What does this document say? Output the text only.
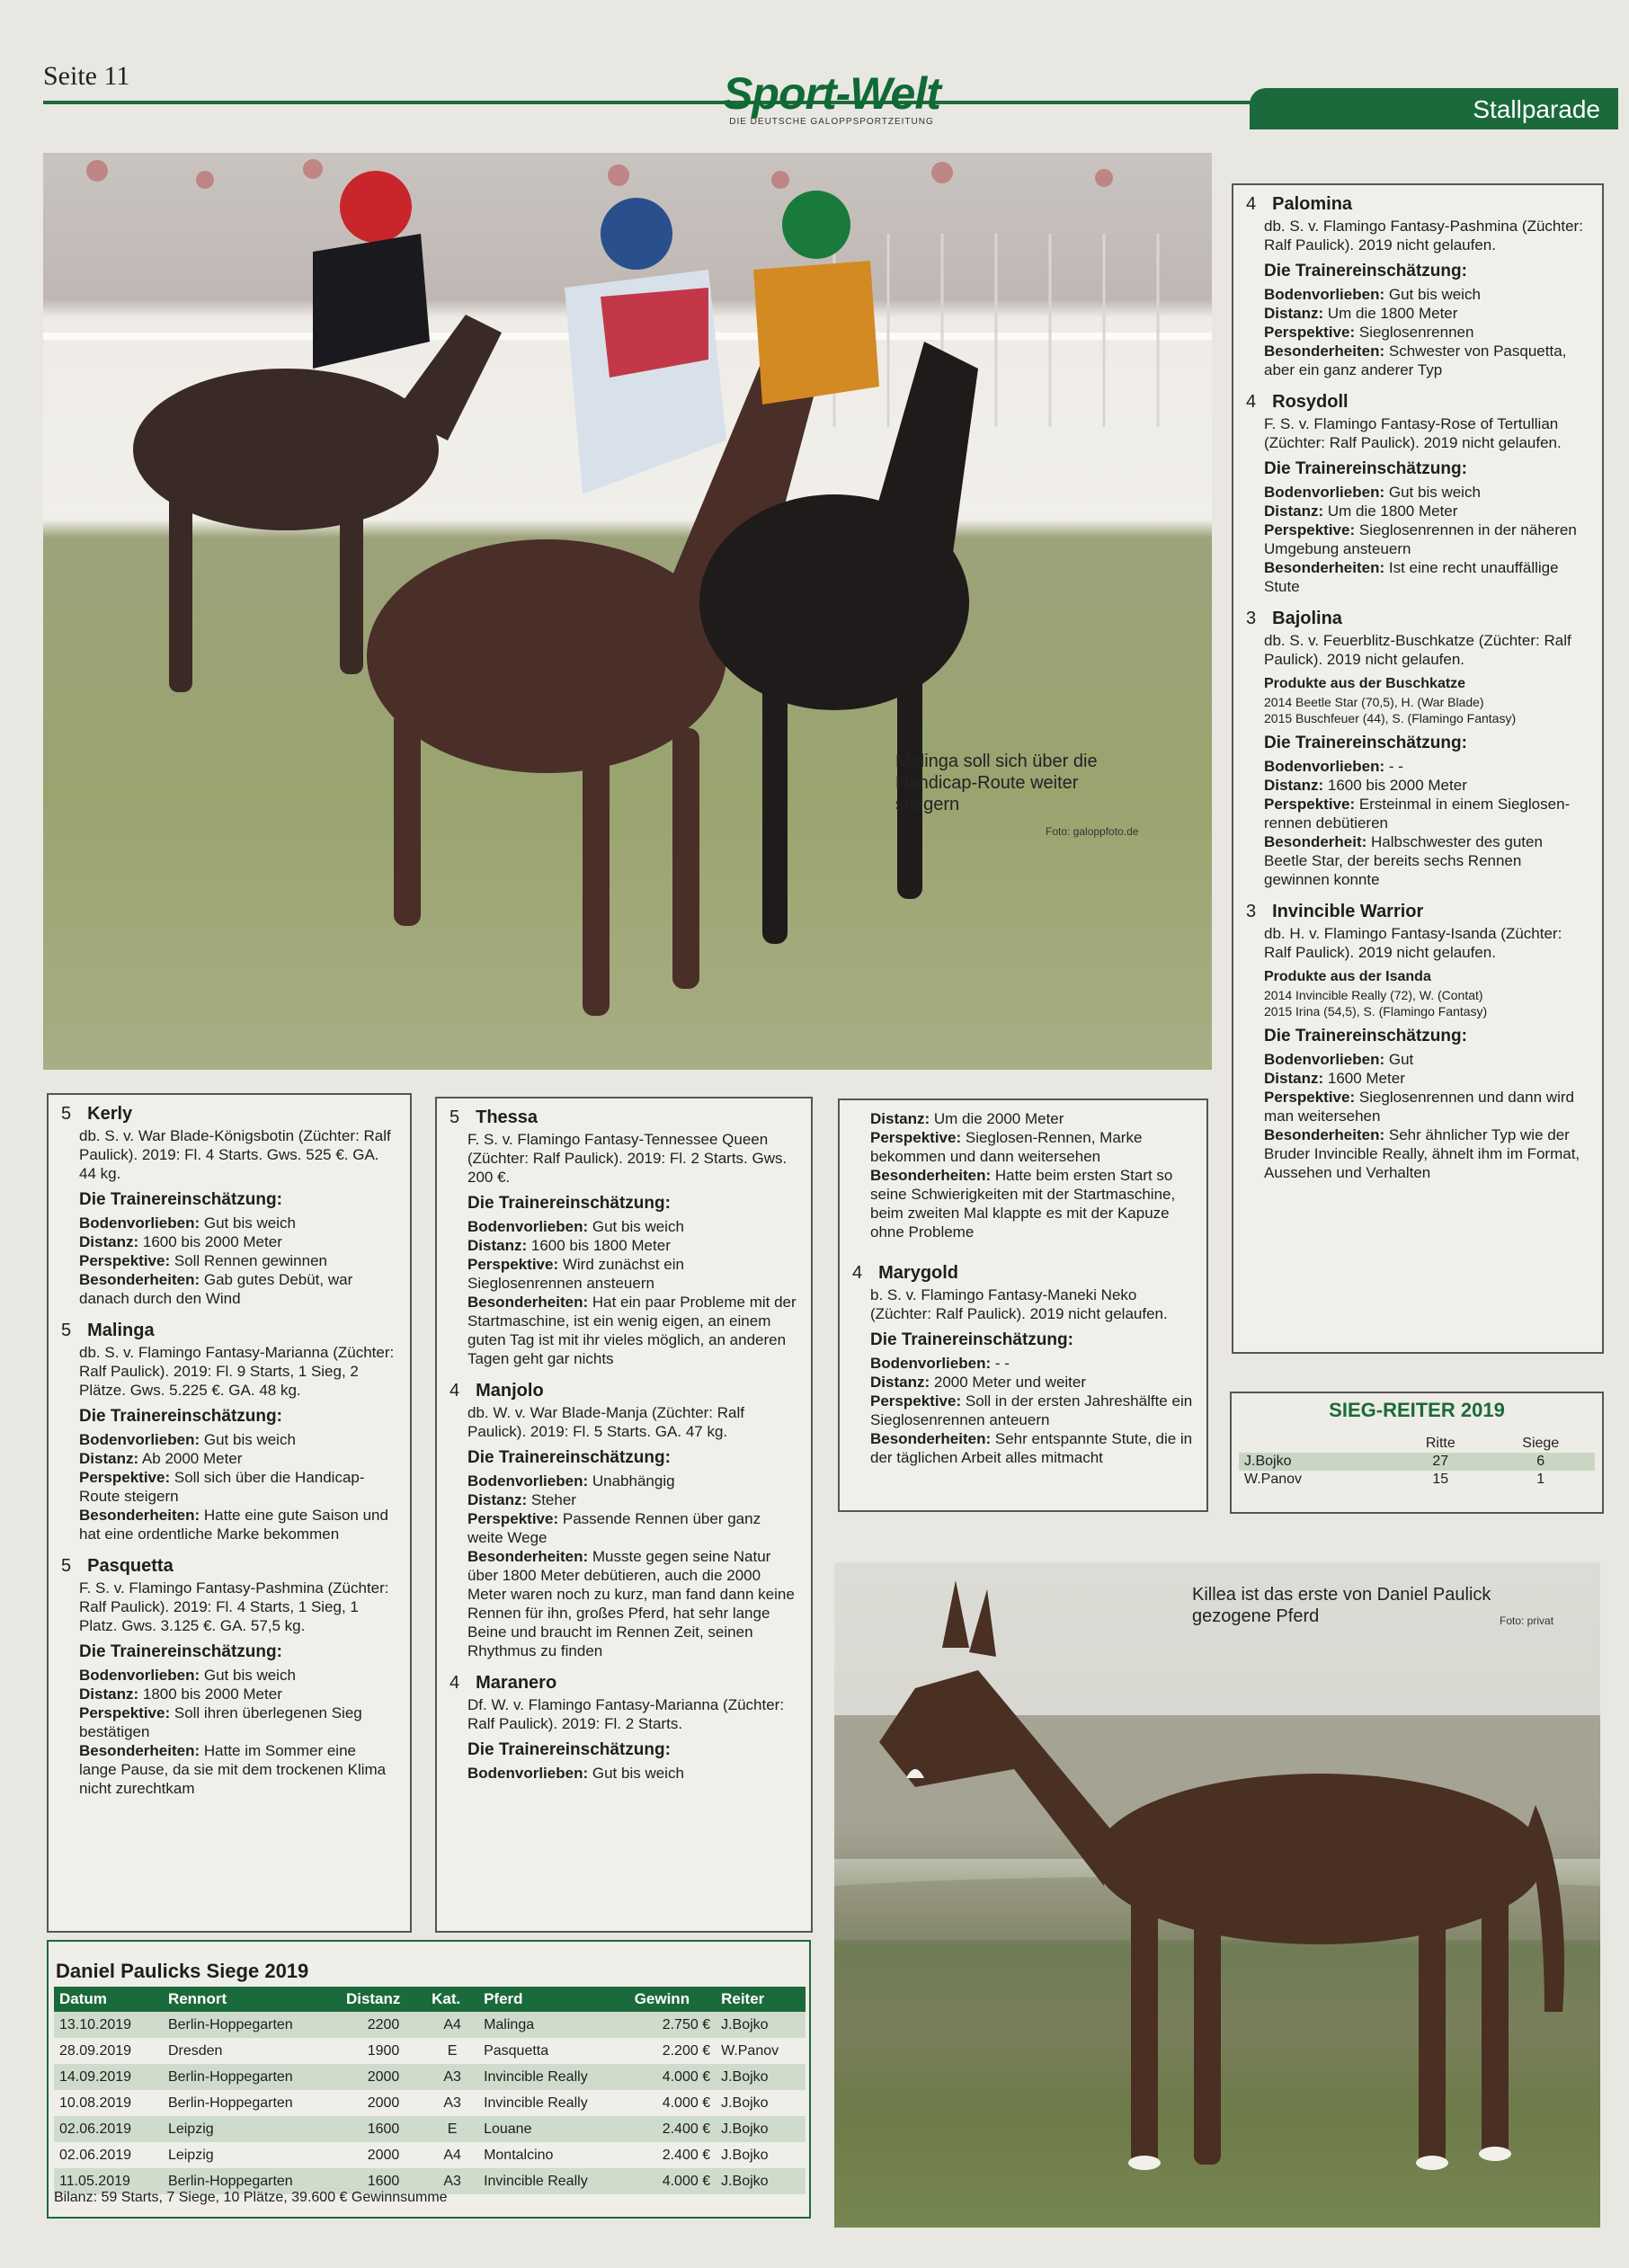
Seite 11	Sport-Welt
DIE DEUTSCHE GALOPPSPORTZEITUNG	Stallparade
Malinga soll sich über die Handicap-Route weiter steigern
Foto: galoppfoto.de
4 Palomina
db. S. v. Flamingo Fantasy-Pashmina (Züchter: Ralf Paulick). 2019 nicht gelaufen.
Die Trainereinschätzung:
Bodenvorlieben: Gut bis weich
Distanz: Um die 1800 Meter
Perspektive: Sieglosenrennen
Besonderheiten: Schwester von Pasquetta, aber ein ganz anderer Typ
4 Rosydoll
F. S. v. Flamingo Fantasy-Rose of Tertullian (Züchter: Ralf Paulick). 2019 nicht gelaufen.
Die Trainereinschätzung:
Bodenvorlieben: Gut bis weich
Distanz: Um die 1800 Meter
Perspektive: Sieglosenrennen in der näheren Umgebung ansteuern
Besonderheiten: Ist eine recht unauffällige Stute
3 Bajolina
db. S. v. Feuerblitz-Buschkatze (Züchter: Ralf Paulick). 2019 nicht gelaufen.
Produkte aus der Buschkatze
2014 Beetle Star (70,5), H. (War Blade)
2015 Buschfeuer (44), S. (Flamingo Fantasy)
Die Trainereinschätzung:
Bodenvorlieben: - -
Distanz: 1600 bis 2000 Meter
Perspektive: Ersteinmal in einem Sieglosen-rennen debütieren
Besonderheit: Halbschwester des guten Beetle Star, der bereits sechs Rennen gewinnen konnte
3 Invincible Warrior
db. H. v. Flamingo Fantasy-Isanda (Züchter: Ralf Paulick). 2019 nicht gelaufen.
Produkte aus der Isanda
2014 Invincible Really (72), W. (Contat)
2015 Irina (54,5), S. (Flamingo Fantasy)
Die Trainereinschätzung:
Bodenvorlieben: Gut
Distanz: 1600 Meter
Perspektive: Sieglosenrennen und dann wird man weitersehen
Besonderheiten: Sehr ähnlicher Typ wie der Bruder Invincible Really, ähnelt ihm im Format, Aussehen und Verhalten
SIEG-REITER 2019
	Ritte	Siege
J.Bojko	27	6
W.Panov	15	1
5 Kerly
db. S. v. War Blade-Königsbotin (Züchter: Ralf Paulick). 2019: Fl. 4 Starts. Gws. 525 €. GA. 44 kg.
Die Trainereinschätzung:
Bodenvorlieben: Gut bis weich
Distanz: 1600 bis 2000 Meter
Perspektive: Soll Rennen gewinnen
Besonderheiten: Gab gutes Debüt, war danach durch den Wind
5 Malinga
db. S. v. Flamingo Fantasy-Marianna (Züchter: Ralf Paulick). 2019: Fl. 9 Starts, 1 Sieg, 2 Plätze. Gws. 5.225 €. GA. 48 kg.
Die Trainereinschätzung:
Bodenvorlieben: Gut bis weich
Distanz: Ab 2000 Meter
Perspektive: Soll sich über die Handicap-Route steigern
Besonderheiten: Hatte eine gute Saison und hat eine ordentliche Marke bekommen
5 Pasquetta
F. S. v. Flamingo Fantasy-Pashmina (Züchter: Ralf Paulick). 2019: Fl. 4 Starts, 1 Sieg, 1 Platz. Gws. 3.125 €. GA. 57,5 kg.
Die Trainereinschätzung:
Bodenvorlieben: Gut bis weich
Distanz: 1800 bis 2000 Meter
Perspektive: Soll ihren überlegenen Sieg bestätigen
Besonderheiten: Hatte im Sommer eine lange Pause, da sie mit dem trockenen Klima nicht zurechtkam
5 Thessa
F. S. v. Flamingo Fantasy-Tennessee Queen (Züchter: Ralf Paulick). 2019: Fl. 2 Starts. Gws. 200 €.
Die Trainereinschätzung:
Bodenvorlieben: Gut bis weich
Distanz: 1600 bis 1800 Meter
Perspektive: Wird zunächst ein Sieglosenrennen ansteuern
Besonderheiten: Hat ein paar Probleme mit der Startmaschine, ist ein wenig eigen, an einem guten Tag ist mit ihr vieles möglich, an anderen Tagen geht gar nichts
4 Manjolo
db. W. v. War Blade-Manja (Züchter: Ralf Paulick). 2019: Fl. 5 Starts. GA. 47 kg.
Die Trainereinschätzung:
Bodenvorlieben: Unabhängig
Distanz: Steher
Perspektive: Passende Rennen über ganz weite Wege
Besonderheiten: Musste gegen seine Natur über 1800 Meter debütieren, auch die 2000 Meter waren noch zu kurz, man fand dann keine Rennen für ihn, großes Pferd, hat sehr lange Beine und braucht im Rennen Zeit, seinen Rhythmus zu finden
4 Maranero
Df. W. v. Flamingo Fantasy-Marianna (Züchter: Ralf Paulick). 2019: Fl. 2 Starts.
Die Trainereinschätzung:
Bodenvorlieben: Gut bis weich
Distanz: Um die 2000 Meter
Perspektive: Sieglosen-Rennen, Marke bekommen und dann weitersehen
Besonderheiten: Hatte beim ersten Start so seine Schwierigkeiten mit der Startmaschine, beim zweiten Mal klappte es mit der Kapuze ohne Probleme
4 Marygold
b. S. v. Flamingo Fantasy-Maneki Neko (Züchter: Ralf Paulick). 2019 nicht gelaufen.
Die Trainereinschätzung:
Bodenvorlieben: - -
Distanz: 2000 Meter und weiter
Perspektive: Soll in der ersten Jahreshälfte ein Sieglosenrennen anteuern
Besonderheiten: Sehr entspannte Stute, die in der täglichen Arbeit alles mitmacht
Killea ist das erste von Daniel Paulick gezogene Pferd	Foto: privat
Daniel Paulicks Siege 2019
Datum	Rennort	Distanz	Kat.	Pferd	Gewinn	Reiter
13.10.2019	Berlin-Hoppegarten	2200	A4	Malinga	2.750 €	J.Bojko
28.09.2019	Dresden	1900	E	Pasquetta	2.200 €	W.Panov
14.09.2019	Berlin-Hoppegarten	2000	A3	Invincible Really	4.000 €	J.Bojko
10.08.2019	Berlin-Hoppegarten	2000	A3	Invincible Really	4.000 €	J.Bojko
02.06.2019	Leipzig	1600	E	Louane	2.400 €	J.Bojko
02.06.2019	Leipzig	2000	A4	Montalcino	2.400 €	J.Bojko
11.05.2019	Berlin-Hoppegarten	1600	A3	Invincible Really	4.000 €	J.Bojko
Bilanz: 59 Starts, 7 Siege, 10 Plätze, 39.600 € Gewinnsumme
